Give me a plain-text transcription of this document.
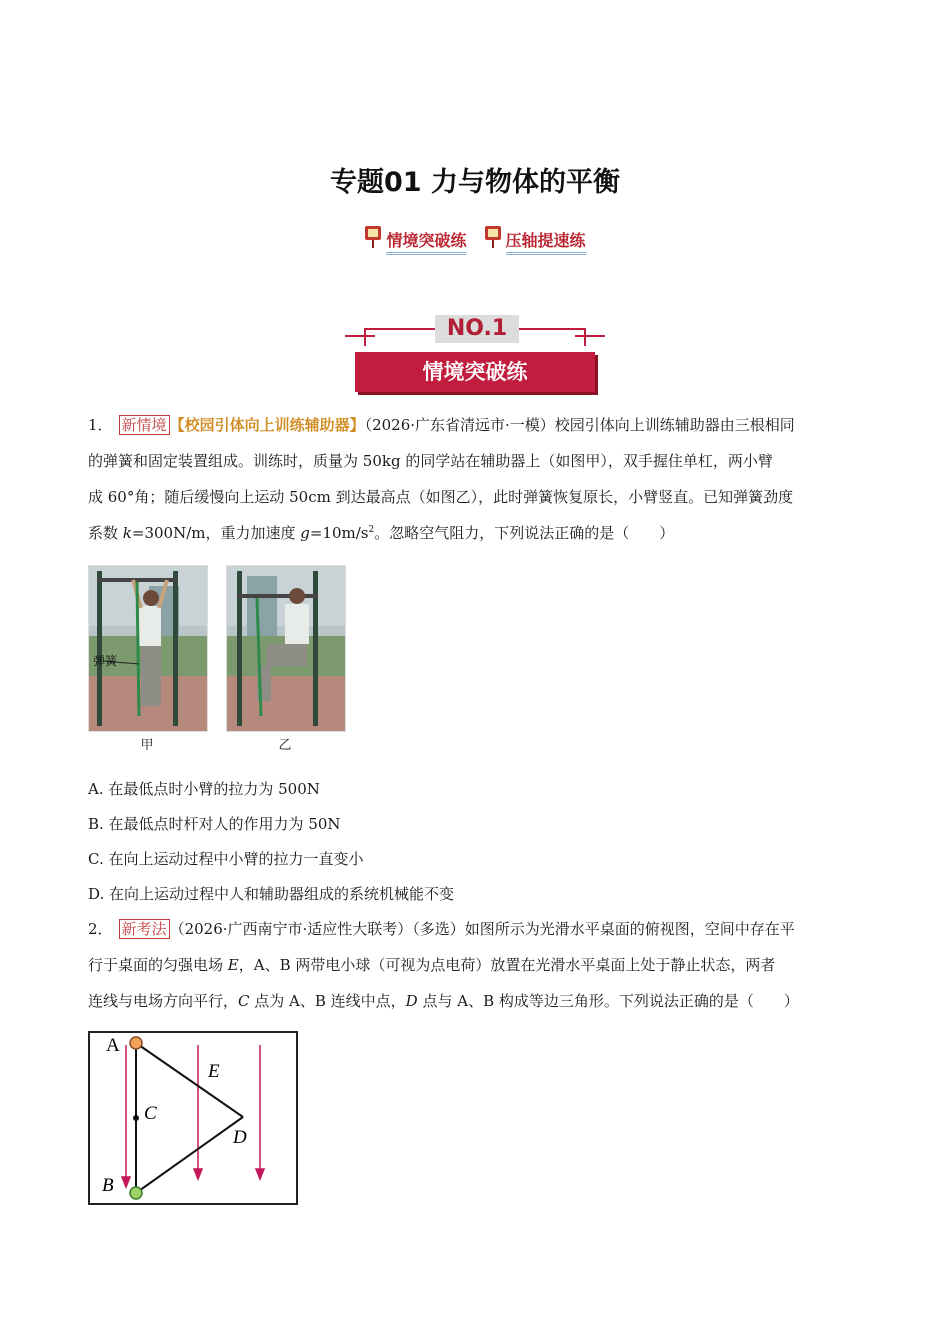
专题01 力与物体的平衡
情境突破练 压轴提速练
NO.1
情境突破练
1． 新情境 【校园引体向上训练辅助器】（2026·广东省清远市·一模）校园引体向上训练辅助器由三根相同
的弹簧和固定装置组成。训练时，质量为 50kg 的同学站在辅助器上（如图甲），双手握住单杠，两小臂
成 60°角；随后缓慢向上运动 50cm 到达最高点（如图乙），此时弹簧恢复原长，小臂竖直。已知弹簧劲度
系数 k=300N/m，重力加速度 $g=10m/s^2$。忽略空气阻力，下列说法正确的是（　　）
弹簧
甲	乙
A. 在最低点时小臂的拉力为 500N
B. 在最低点时杆对人的作用力为 50N
C. 在向上运动过程中小臂的拉力一直变小
D. 在向上运动过程中人和辅助器组成的系统机械能不变
2． 新考法 （2026·广西南宁市·适应性大联考）（多选）如图所示为光滑水平桌面的俯视图，空间中存在平
行于桌面的匀强电场 E，A、B 两带电小球（可视为点电荷）放置在光滑水平桌面上处于静止状态，两者
连线与电场方向平行，C 点为 A、B 连线中点，D 点与 A、B 构成等边三角形。下列说法正确的是（　　）
A
B
C
D
E
